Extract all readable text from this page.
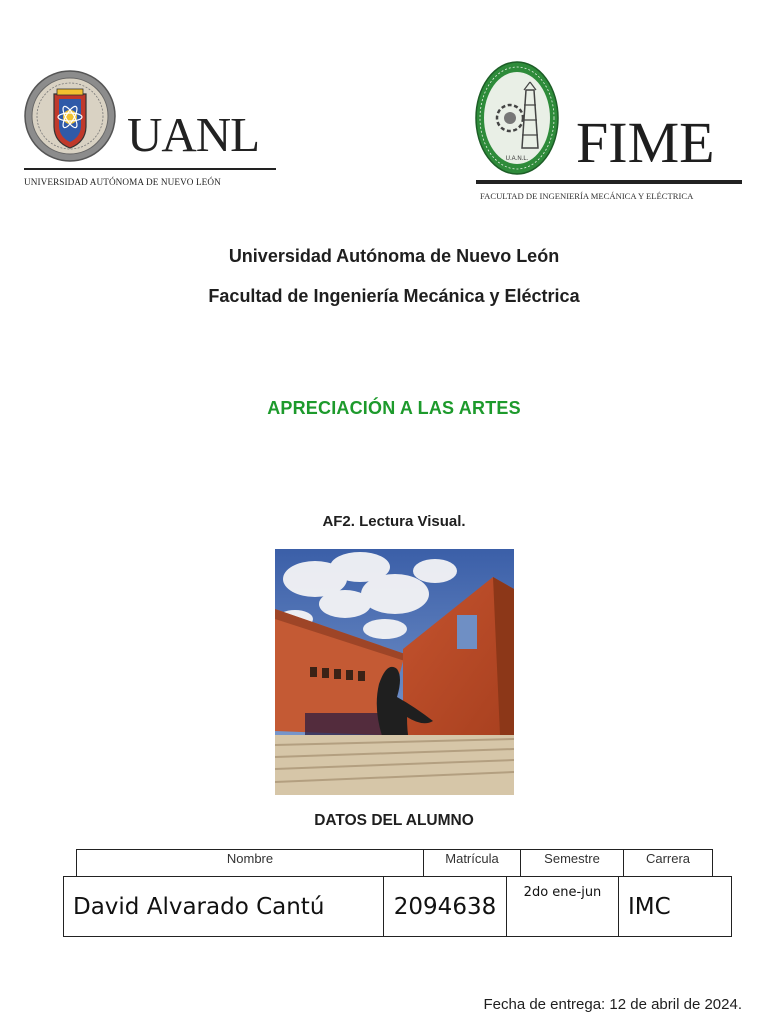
UANL
UNIVERSIDAD AUTÓNOMA DE NUEVO LEÓN
U.A.N.L. FIME
FACULTAD DE INGENIERÍA MECÁNICA Y ELÉCTRICA
Universidad Autónoma de Nuevo León
Facultad de Ingeniería Mecánica y Eléctrica
APRECIACIÓN A LAS ARTES
AF2. Lectura Visual.
DATOS DEL ALUMNO
Nombre	Matrícula	Semestre	Carrera
David Alvarado Cantú	2094638	2do ene-jun	IMC
Fecha de entrega: 12 de abril de 2024.
